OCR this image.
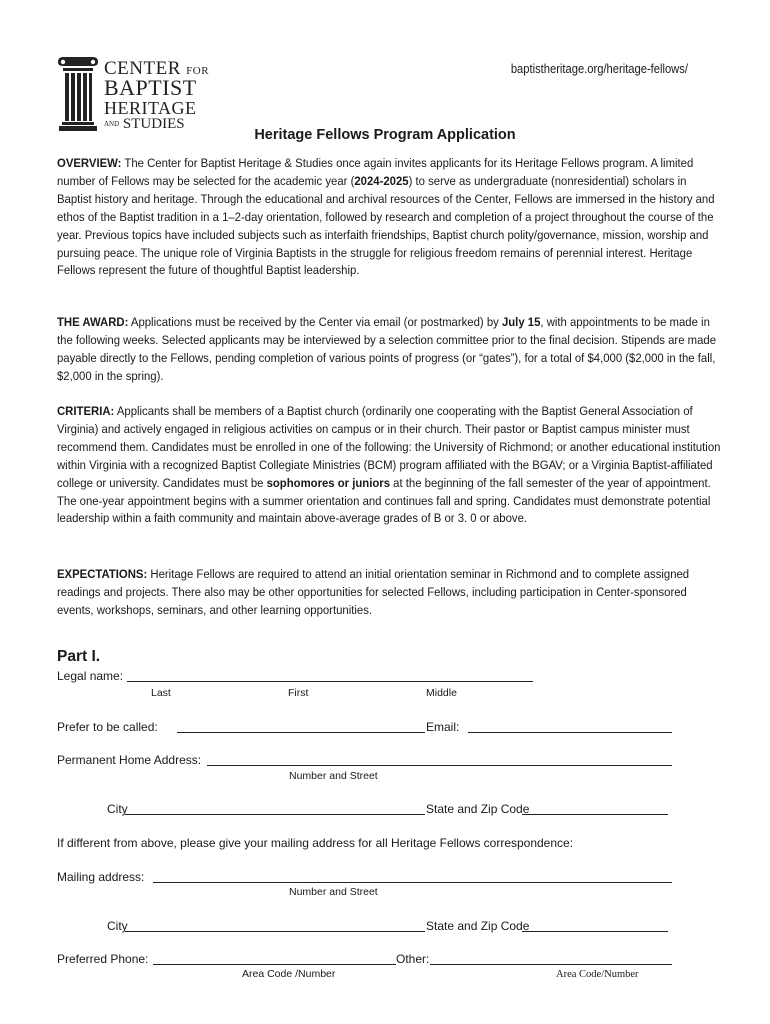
CENTER FOR
BAPTIST
HERITAGE
AND STUDIES
baptistheritage.org/heritage-fellows/
Heritage Fellows Program Application
OVERVIEW: The Center for Baptist Heritage & Studies once again invites applicants for its Heritage Fellows program. A limited number of Fellows may be selected for the academic year (2024-2025) to serve as undergraduate (nonresidential) scholars in Baptist history and heritage. Through the educational and archival resources of the Center, Fellows are immersed in the history and ethos of the Baptist tradition in a 1–2-day orientation, followed by research and completion of a project throughout the course of the year. Previous topics have included subjects such as interfaith friendships, Baptist church polity/governance, mission, worship and pursuing peace. The unique role of Virginia Baptists in the struggle for religious freedom remains of perennial interest. Heritage Fellows represent the future of thoughtful Baptist leadership.
THE AWARD: Applications must be received by the Center via email (or postmarked) by July 15, with appointments to be made in the following weeks. Selected applicants may be interviewed by a selection committee prior to the final decision. Stipends are made payable directly to the Fellows, pending completion of various points of progress (or “gates”), for a total of $4,000 ($2,000 in the fall, $2,000 in the spring).
CRITERIA: Applicants shall be members of a Baptist church (ordinarily one cooperating with the Baptist General Association of Virginia) and actively engaged in religious activities on campus or in their church. Their pastor or Baptist campus minister must recommend them. Candidates must be enrolled in one of the following: the University of Richmond; or another educational institution within Virginia with a recognized Baptist Collegiate Ministries (BCM) program affiliated with the BGAV; or a Virginia Baptist-affiliated college or university. Candidates must be sophomores or juniors at the beginning of the fall semester of the year of appointment. The one-year appointment begins with a summer orientation and continues fall and spring. Candidates must demonstrate potential leadership within a faith community and maintain above-average grades of B or 3. 0 or above.
EXPECTATIONS: Heritage Fellows are required to attend an initial orientation seminar in Richmond and to complete assigned readings and projects. There also may be other opportunities for selected Fellows, including participation in Center-sponsored events, workshops, seminars, and other learning opportunities.
Part I.
Legal name:
Last	First	Middle
Prefer to be called:	Email:
Permanent Home Address:
Number and Street
City	State and Zip Code
If different from above, please give your mailing address for all Heritage Fellows correspondence:
Mailing address:
Number and Street
City	State and Zip Code
Preferred Phone:	Other:
Area Code /Number	Area Code/Number
